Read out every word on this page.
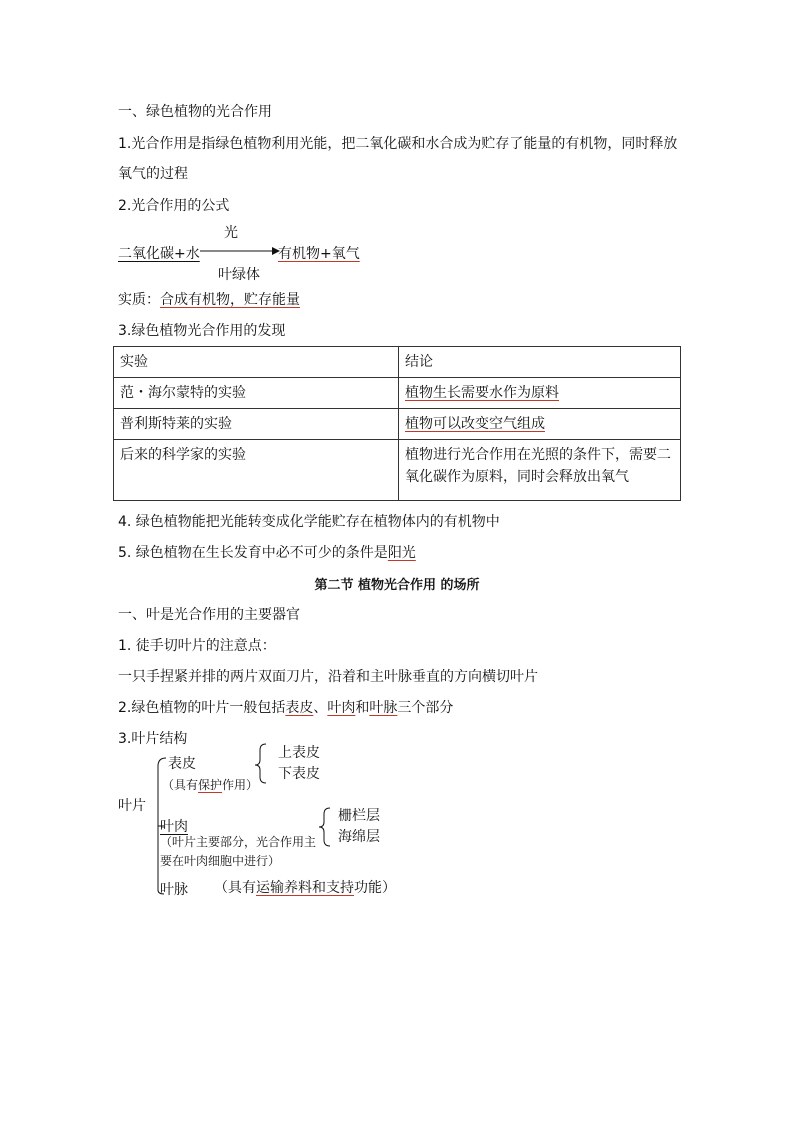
一、绿色植物的光合作用
1.光合作用是指绿色植物利用光能，把二氧化碳和水合成为贮存了能量的有机物，同时释放
氧气的过程
2.光合作用的公式
光
二氧化碳+水	有机物+氧气
叶绿体
实质：合成有机物，贮存能量
3.绿色植物光合作用的发现
实验	结论
范・海尔蒙特的实验	植物生长需要水作为原料
普利斯特莱的实验	植物可以改变空气组成
后来的科学家的实验	植物进行光合作用在光照的条件下，需要二氧化碳作为原料，同时会释放出氧气
4. 绿色植物能把光能转变成化学能贮存在植物体内的有机物中
5. 绿色植物在生长发育中必不可少的条件是阳光
第二节 植物光合作用 的场所
一、叶是光合作用的主要器官
1. 徒手切叶片的注意点：
一只手捏紧并排的两片双面刀片，沿着和主叶脉垂直的方向横切叶片
2.绿色植物的叶片一般包括表皮、叶肉和叶脉三个部分
3.叶片结构
叶片
表皮
（具有保护作用）
上表皮
下表皮
叶肉
（叶片主要部分，光合作用主
要在叶肉细胞中进行）
栅栏层
海绵层
叶脉 （具有运输养料和支持功能）
